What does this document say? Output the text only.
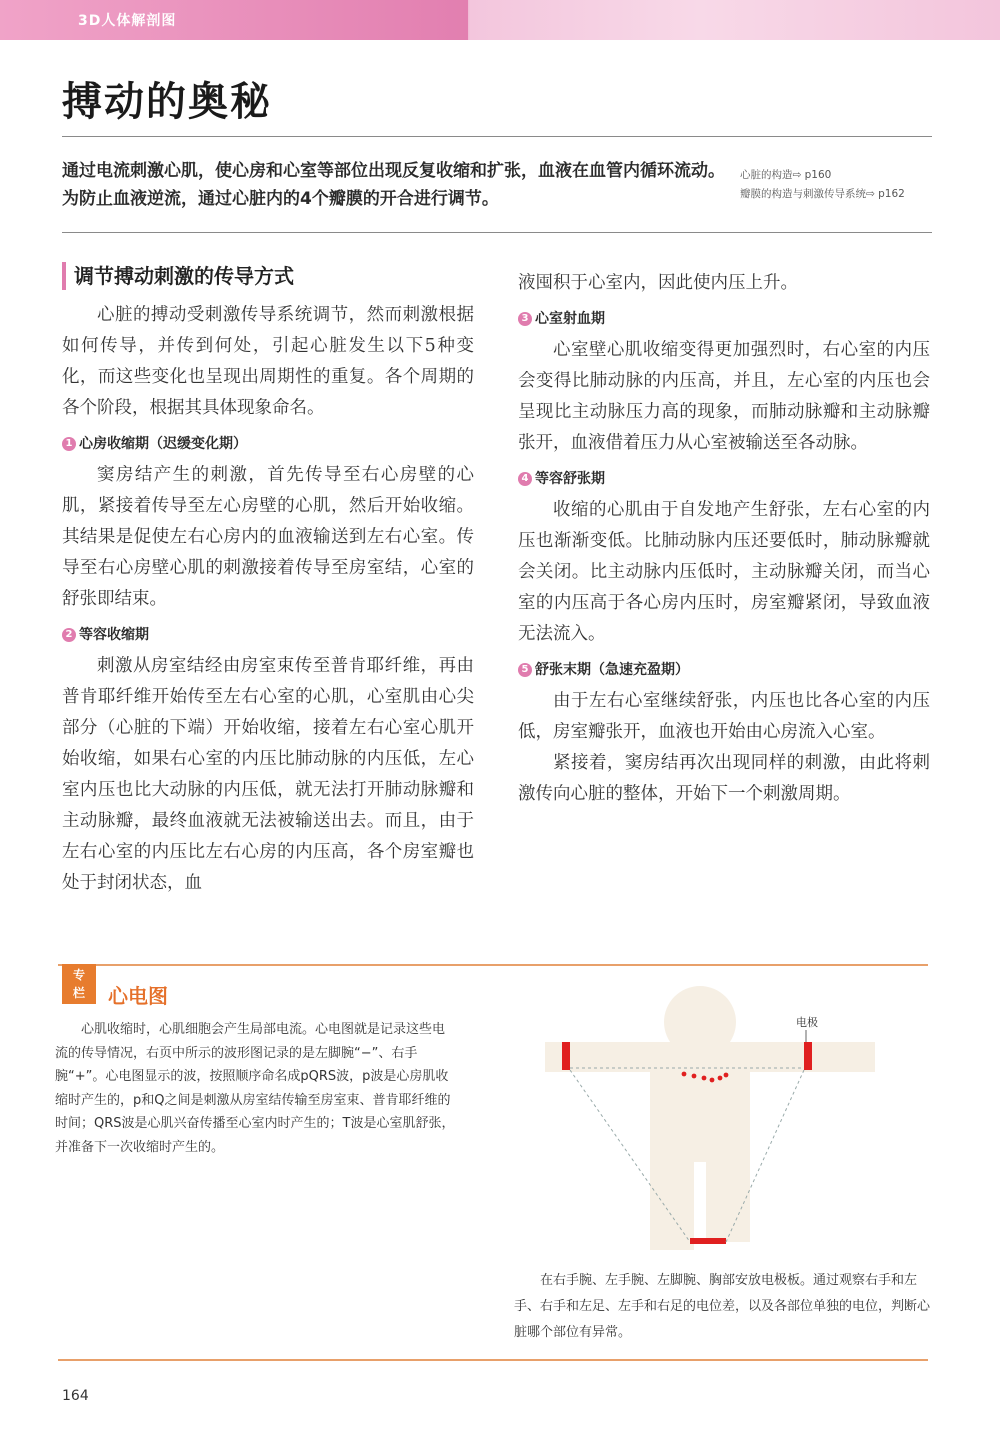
3D人体解剖图
搏动的奥秘
通过电流刺激心肌，使心房和心室等部位出现反复收缩和扩张，血液在血管内循环流动。为防止血液逆流，通过心脏内的4个瓣膜的开合进行调节。
心脏的构造⇨ p160
瓣膜的构造与刺激传导系统⇨ p162
调节搏动刺激的传导方式

心脏的搏动受刺激传导系统调节，然而刺激根据如何传导，并传到何处，引起心脏发生以下5种变化，而这些变化也呈现出周期性的重复。各个周期的各个阶段，根据其具体现象命名。

1 心房收缩期（迟缓变化期）

窦房结产生的刺激，首先传导至右心房壁的心肌，紧接着传导至左心房壁的心肌，然后开始收缩。其结果是促使左右心房内的血液输送到左右心室。传导至右心房壁心肌的刺激接着传导至房室结，心室的舒张即结束。

2 等容收缩期

刺激从房室结经由房室束传至普肯耶纤维，再由普肯耶纤维开始传至左右心室的心肌，心室肌由心尖部分（心脏的下端）开始收缩，接着左右心室心肌开始收缩，如果右心室的内压比肺动脉的内压低，左心室内压也比大动脉的内压低，就无法打开肺动脉瓣和主动脉瓣，最终血液就无法被输送出去。而且，由于左右心室的内压比左右心房的内压高，各个房室瓣也处于封闭状态，血

液囤积于心室内，因此使内压上升。

3 心室射血期

心室壁心肌收缩变得更加强烈时，右心室的内压会变得比肺动脉的内压高，并且，左心室的内压也会呈现比主动脉压力高的现象，而肺动脉瓣和主动脉瓣张开，血液借着压力从心室被输送至各动脉。

4 等容舒张期

收缩的心肌由于自发地产生舒张，左右心室的内压也渐渐变低。比肺动脉内压还要低时，肺动脉瓣就会关闭。比主动脉内压低时，主动脉瓣关闭，而当心室的内压高于各心房内压时，房室瓣紧闭，导致血液无法流入。

5 舒张末期（急速充盈期）

由于左右心室继续舒张，内压也比各心室的内压低，房室瓣张开，血液也开始由心房流入心室。

紧接着，窦房结再次出现同样的刺激，由此将刺激传向心脏的整体，开始下一个刺激周期。

专
栏	心电图
心肌收缩时，心肌细胞会产生局部电流。心电图就是记录这些电流的传导情况，右页中所示的波形图记录的是左脚腕“−”、右手腕“+”。心电图显示的波，按照顺序命名成pQRS波，p波是心房肌收缩时产生的，p和Q之间是刺激从房室结传输至房室束、普肯耶纤维的时间；QRS波是心肌兴奋传播至心室内时产生的；T波是心室肌舒张，并准备下一次收缩时产生的。
电极
在右手腕、左手腕、左脚腕、胸部安放电极板。通过观察右手和左手、右手和左足、左手和右足的电位差，以及各部位单独的电位，判断心脏哪个部位有异常。
164
